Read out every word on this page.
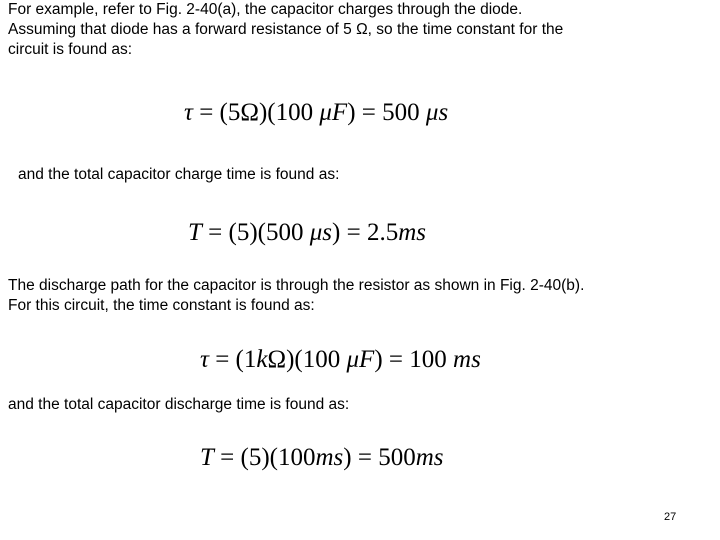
For example, refer to Fig. 2-40(a), the capacitor charges through the diode.
Assuming that diode has a forward resistance of 5 Ω, so the time constant for the
circuit is found as:
τ = (5Ω)(100 μF) = 500 μs
and the total capacitor charge time is found as:
T = (5)(500 μs) = 2.5ms
The discharge path for the capacitor is through the resistor as shown in Fig. 2-40(b).
For this circuit, the time constant is found as:
τ = (1kΩ)(100 μF) = 100 ms
and the total capacitor discharge time is found as:
T = (5)(100ms) = 500ms
27
